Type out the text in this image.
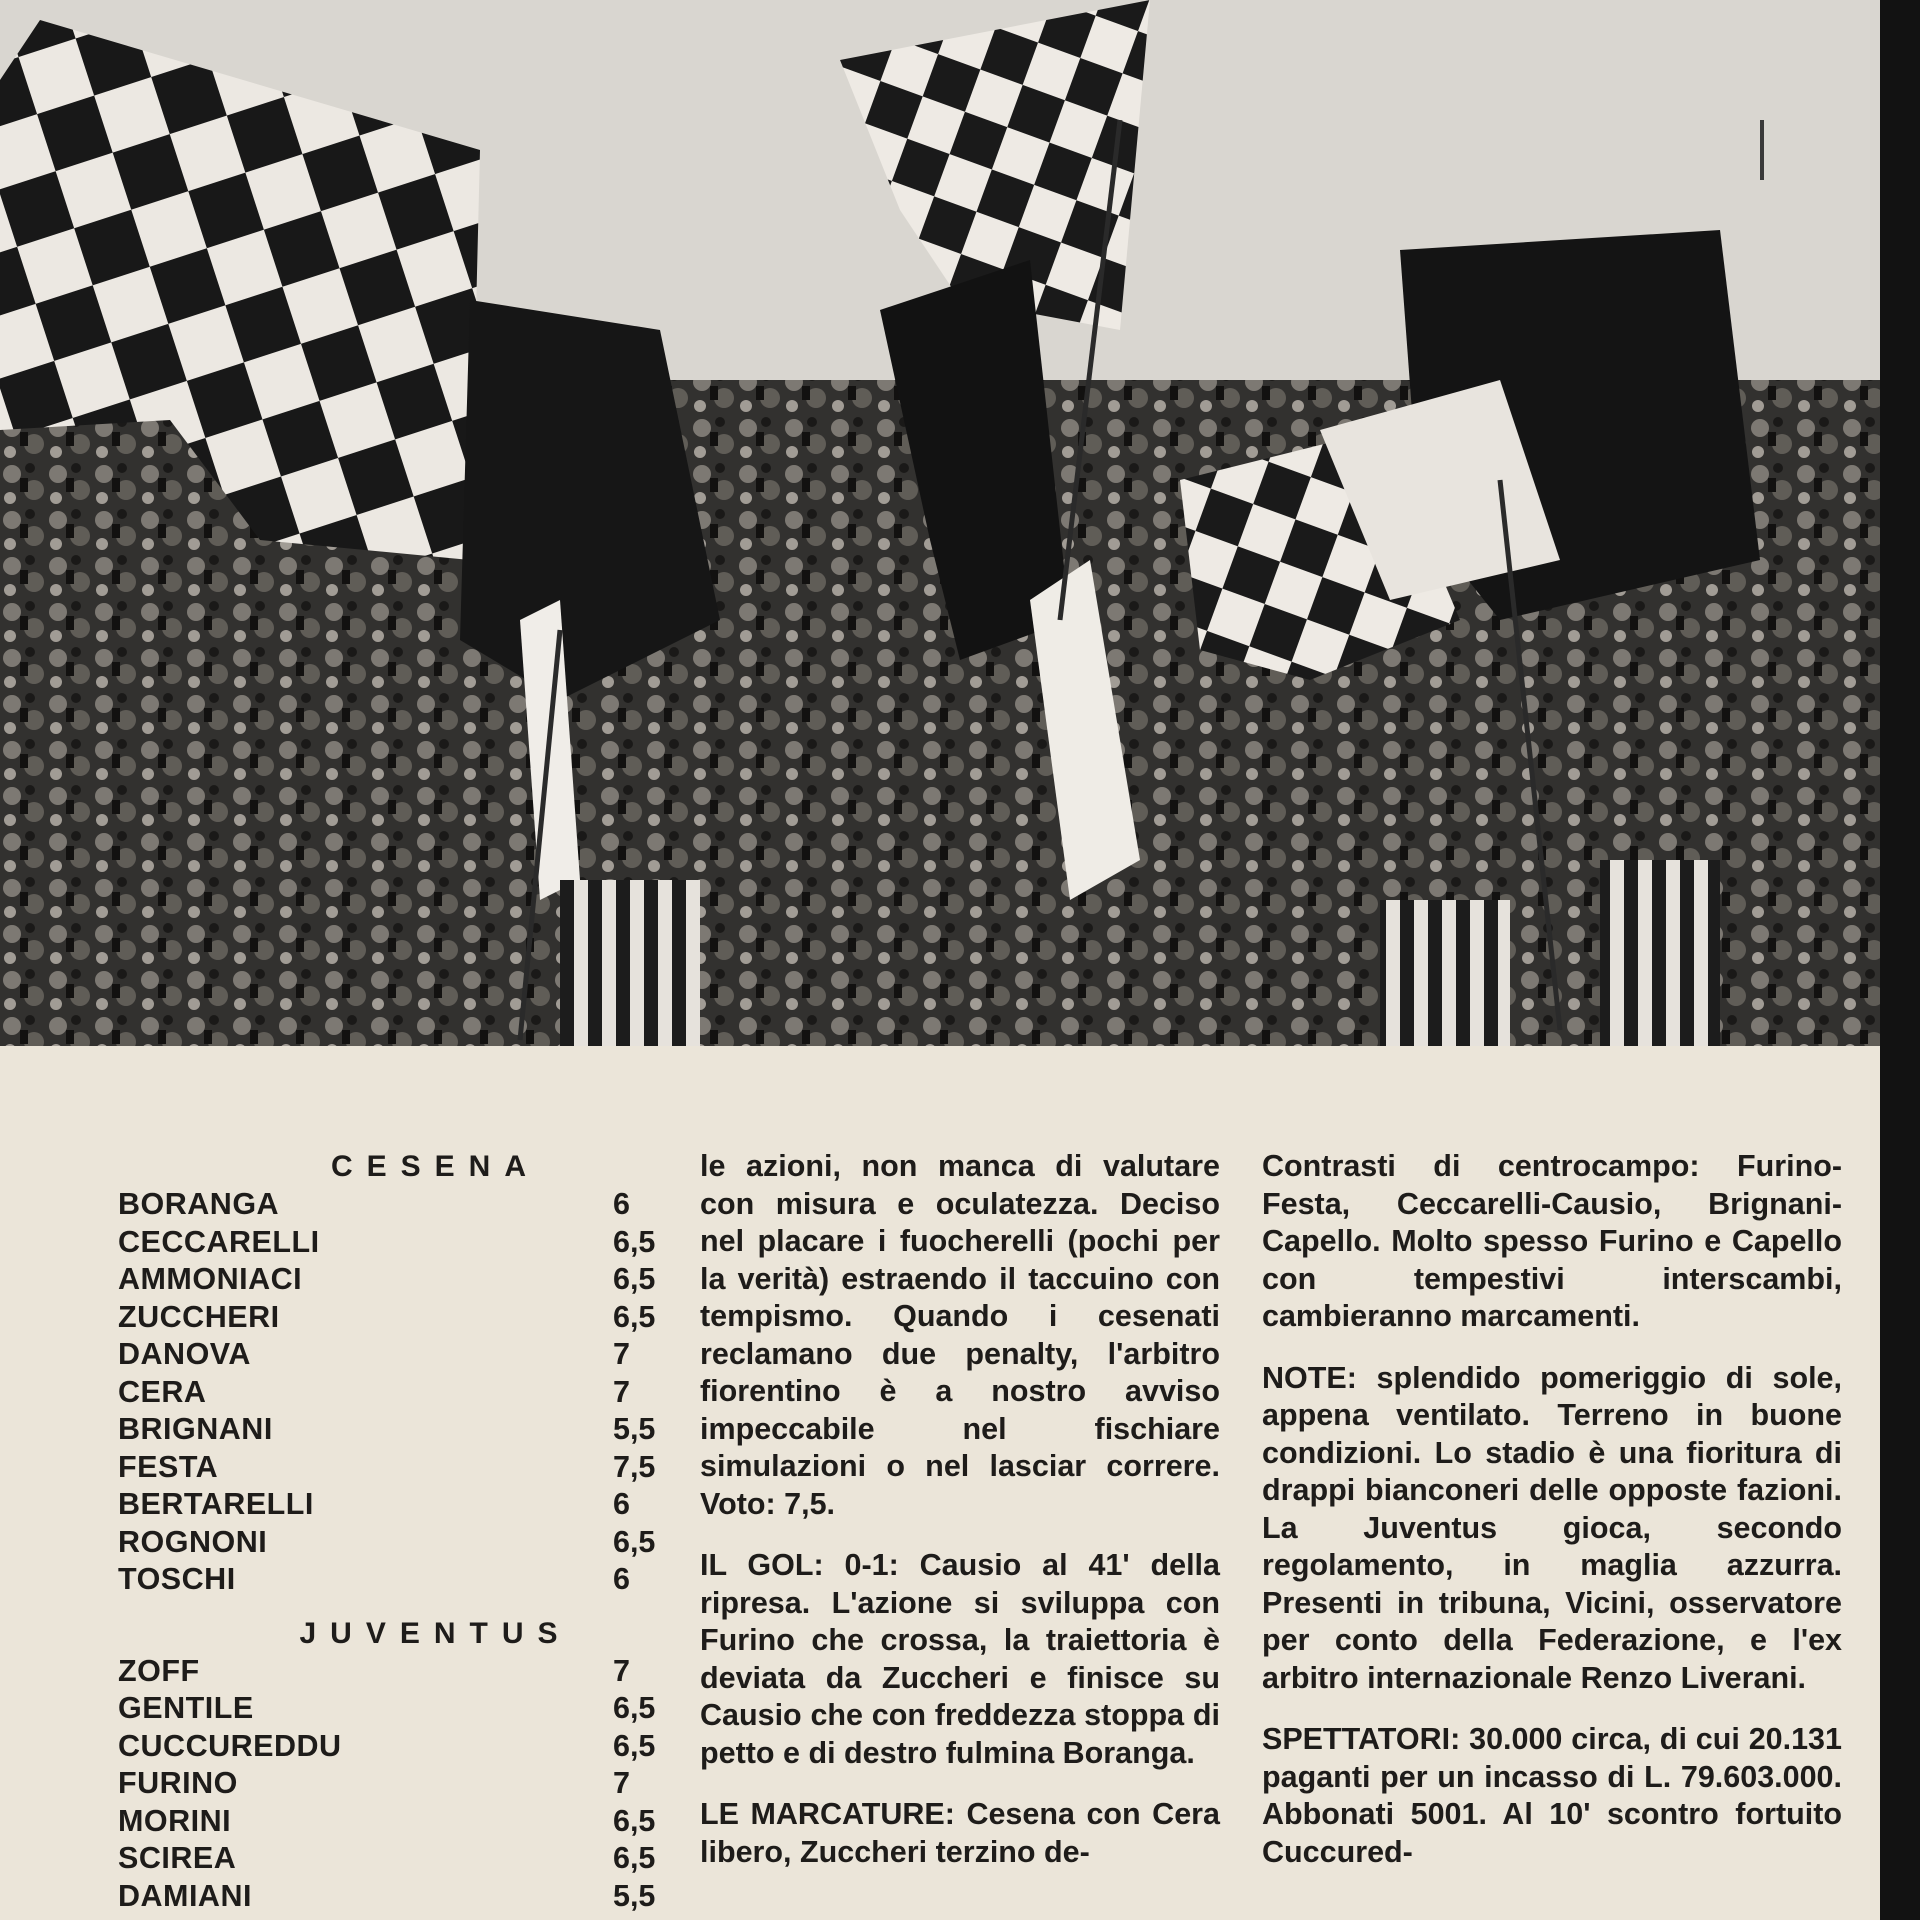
CESENA
BORANGA	6
CECCARELLI	6,5
AMMONIACI	6,5
ZUCCHERI	6,5
DANOVA	7
CERA	7
BRIGNANI	5,5
FESTA	7,5
BERTARELLI	6
ROGNONI	6,5
TOSCHI	6
JUVENTUS
ZOFF	7
GENTILE	6,5
CUCCUREDDU	6,5
FURINO	7
MORINI	6,5
SCIREA	6,5
DAMIANI	5,5

le azioni, non manca di valutare con misura e oculatezza. Deciso nel placare i fuocherelli (pochi per la verità) estraendo il taccuino con tempismo. Quando i cesenati reclamano due penalty, l'arbitro fiorentino è a nostro avviso impeccabile nel fischiare simulazioni o nel lasciar correre. Voto: 7,5.

IL GOL: 0-1: Causio al 41' della ripresa. L'azione si sviluppa con Furino che crossa, la traiettoria è deviata da Zuccheri e finisce su Causio che con freddezza stoppa di petto e di destro fulmina Boranga.

LE MARCATURE: Cesena con Cera libero, Zuccheri terzino de-

Contrasti di centrocampo: Furino-Festa, Ceccarelli-Causio, Brignani-Capello. Molto spesso Furino e Capello con tempestivi interscambi, cambieranno marcamenti.

NOTE: splendido pomeriggio di sole, appena ventilato. Terreno in buone condizioni. Lo stadio è una fioritura di drappi bianconeri delle opposte fazioni. La Juventus gioca, secondo regolamento, in maglia azzurra. Presenti in tribuna, Vicini, osservatore per conto della Federazione, e l'ex arbitro internazionale Renzo Liverani.

SPETTATORI: 30.000 circa, di cui 20.131 paganti per un incasso di L. 79.603.000. Abbonati 5001. Al 10' scontro fortuito Cuccured-
